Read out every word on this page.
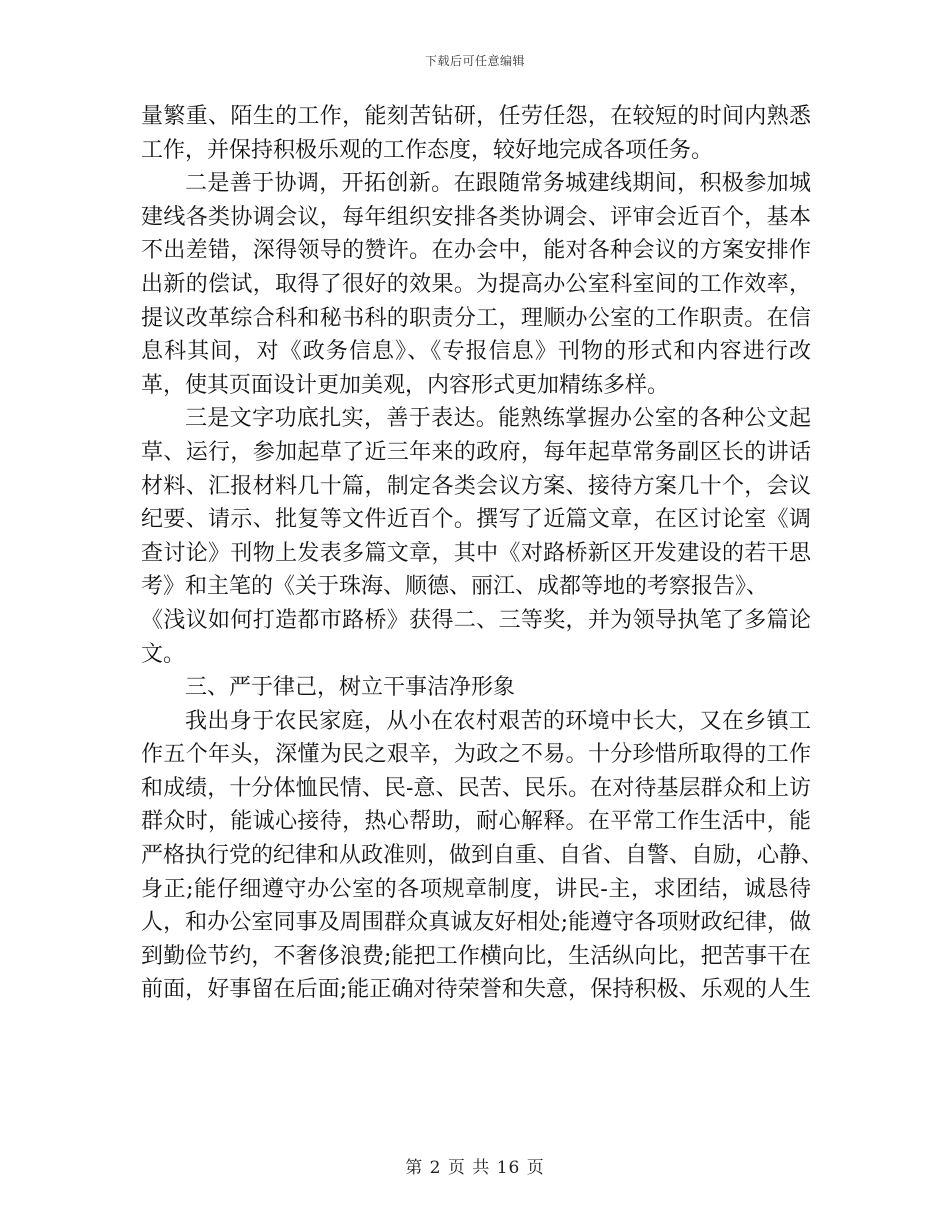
下载后可任意编辑
量繁重、陌生的工作，能刻苦钻研，任劳任怨，在较短的时间内熟悉
工作，并保持积极乐观的工作态度，较好地完成各项任务。
二是善于协调，开拓创新。在跟随常务城建线期间，积极参加城
建线各类协调会议，每年组织安排各类协调会、评审会近百个，基本
不出差错，深得领导的赞许。在办会中，能对各种会议的方案安排作
出新的偿试，取得了很好的效果。为提高办公室科室间的工作效率，
提议改革综合科和秘书科的职责分工，理顺办公室的工作职责。在信
息科其间，对《政务信息》、《专报信息》刊物的形式和内容进行改
革，使其页面设计更加美观，内容形式更加精练多样。
三是文字功底扎实，善于表达。能熟练掌握办公室的各种公文起
草、运行，参加起草了近三年来的政府，每年起草常务副区长的讲话
材料、汇报材料几十篇，制定各类会议方案、接待方案几十个，会议
纪要、请示、批复等文件近百个。撰写了近篇文章，在区讨论室《调
查讨论》刊物上发表多篇文章，其中《对路桥新区开发建设的若干思
考》和主笔的《关于珠海、顺德、丽江、成都等地的考察报告》、
《浅议如何打造都市路桥》获得二、三等奖，并为领导执笔了多篇论
文。
三、严于律己，树立干事洁净形象
我出身于农民家庭，从小在农村艰苦的环境中长大，又在乡镇工
作五个年头，深懂为民之艰辛，为政之不易。十分珍惜所取得的工作
和成绩，十分体恤民情、民-意、民苦、民乐。在对待基层群众和上访
群众时，能诚心接待，热心帮助，耐心解释。在平常工作生活中，能
严格执行党的纪律和从政准则，做到自重、自省、自警、自励，心静、
身正;能仔细遵守办公室的各项规章制度，讲民-主，求团结，诚恳待
人，和办公室同事及周围群众真诚友好相处;能遵守各项财政纪律，做
到勤俭节约，不奢侈浪费;能把工作横向比，生活纵向比，把苦事干在
前面，好事留在后面;能正确对待荣誉和失意，保持积极、乐观的人生
第 2 页 共 16 页
